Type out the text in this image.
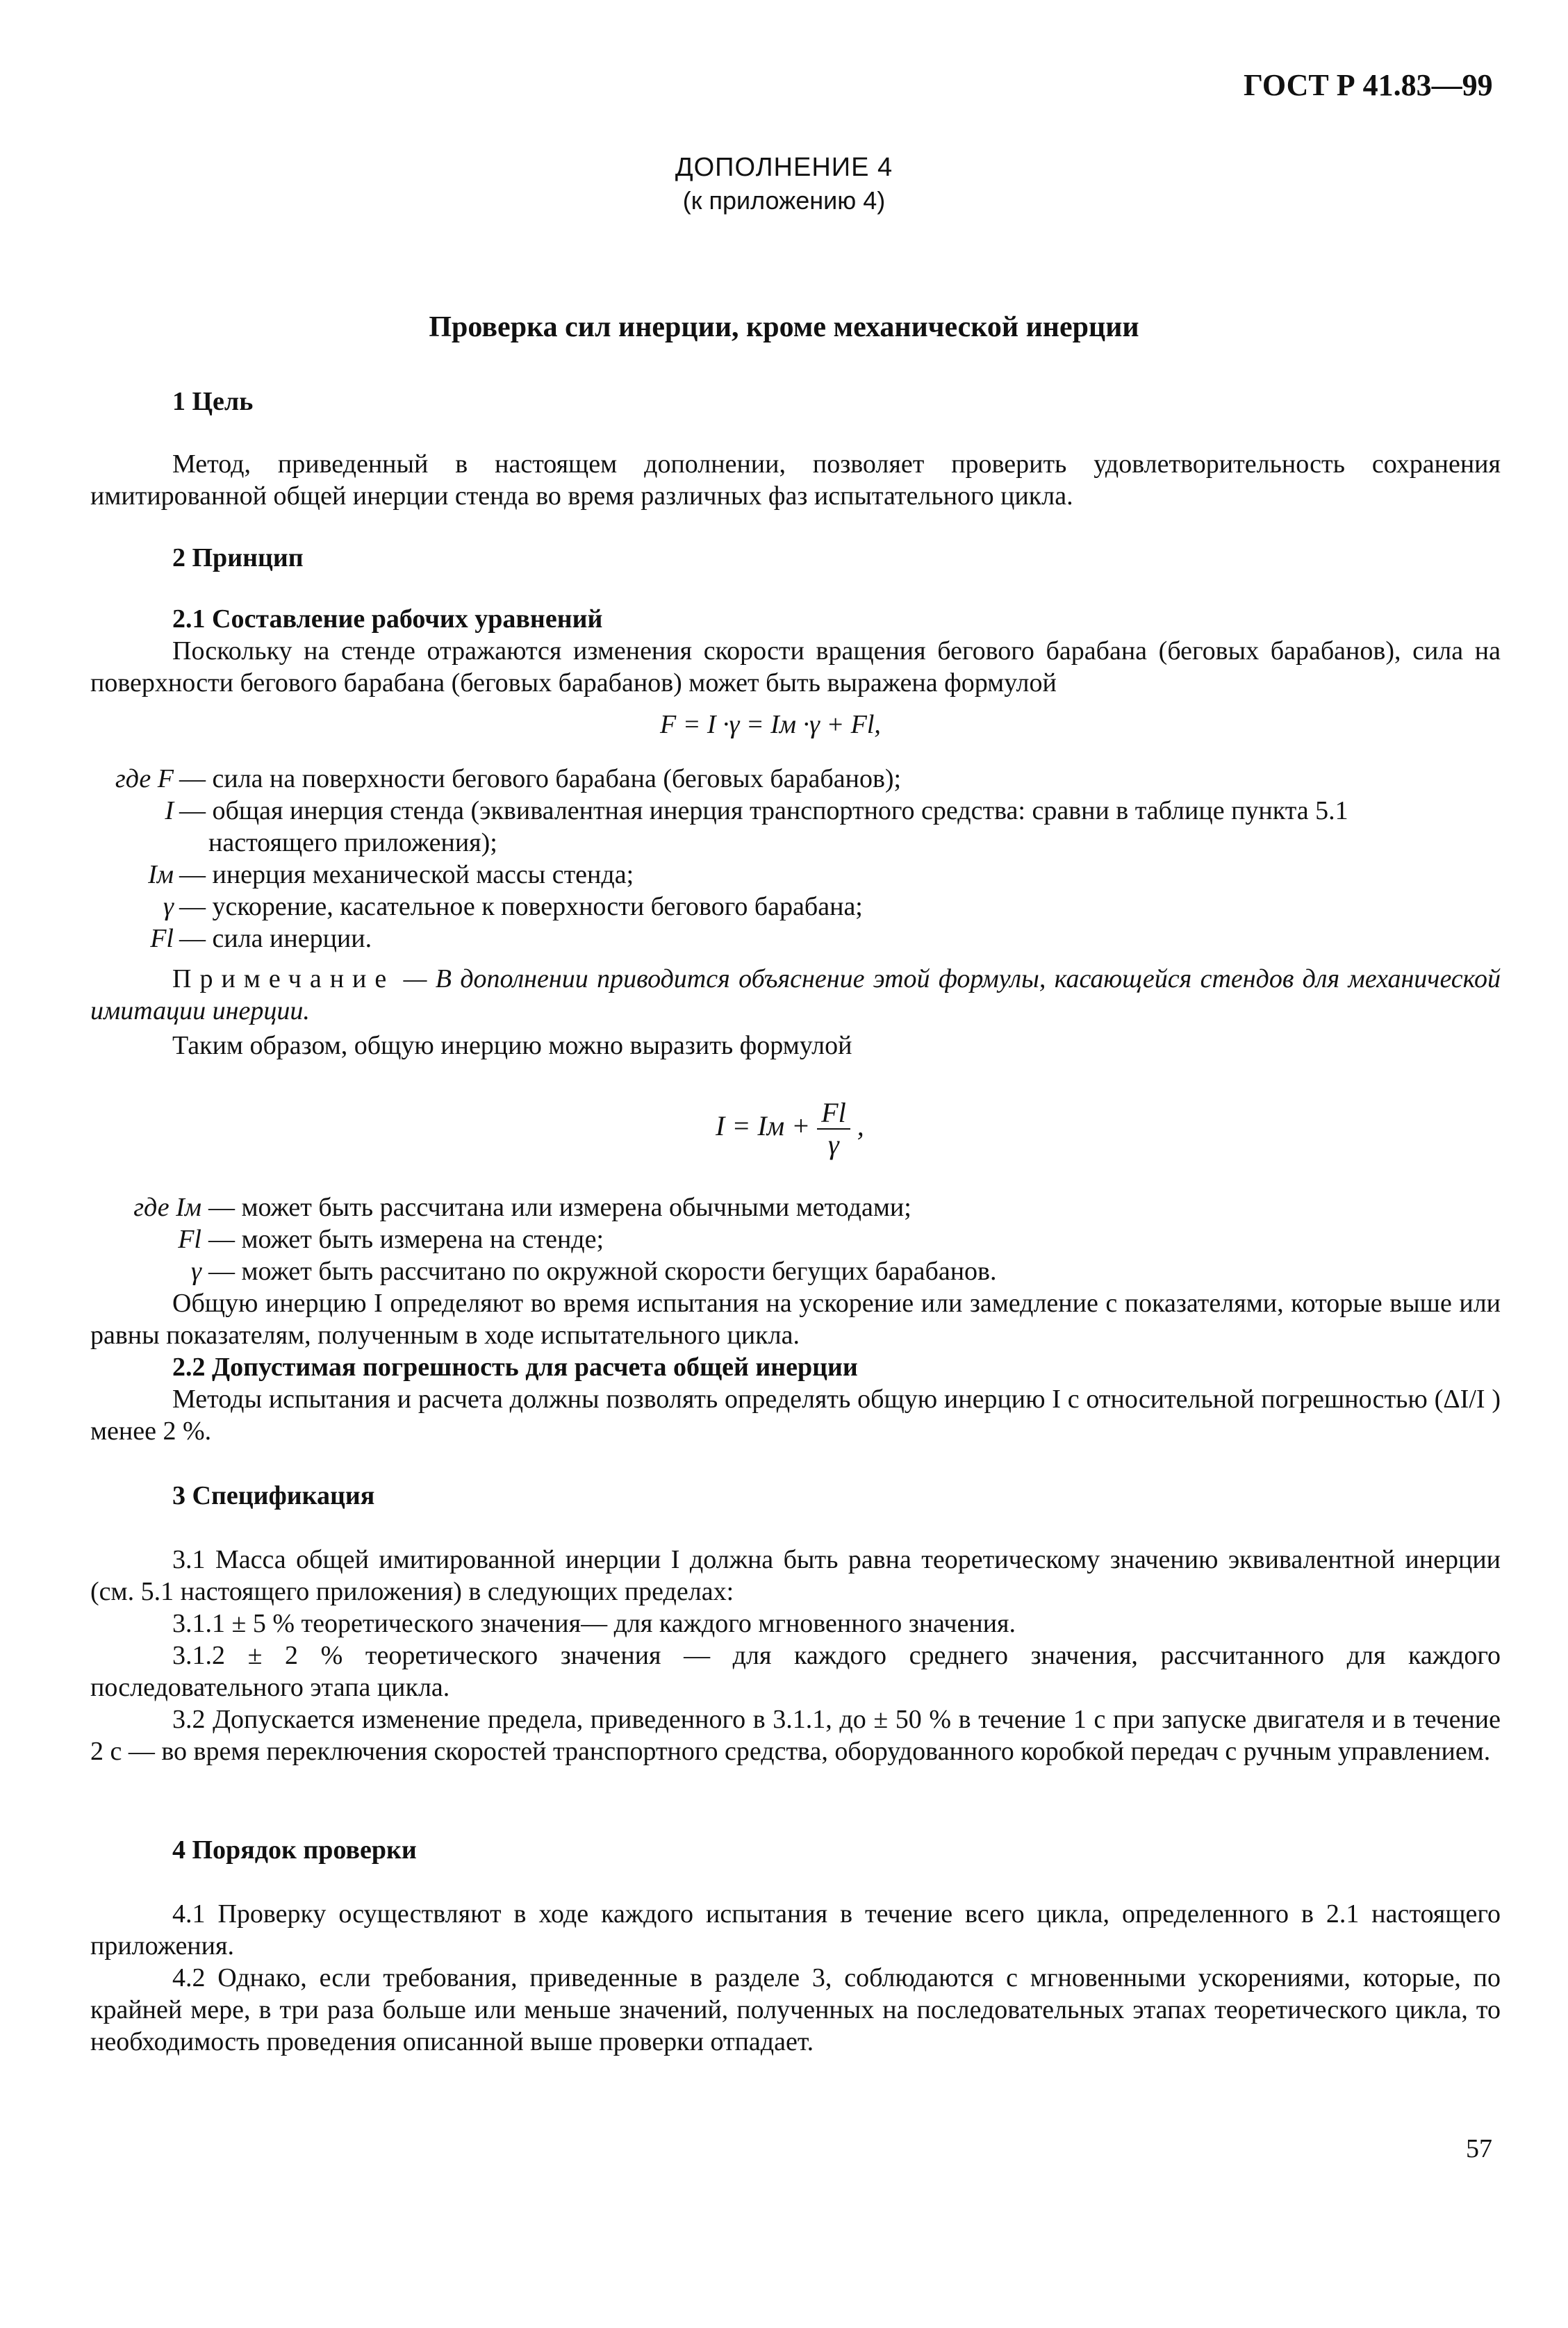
ГОСТ Р 41.83—99
ДОПОЛНЕНИЕ 4
(к приложению 4)
Проверка сил инерции, кроме механической инерции
1 Цель
Метод, приведенный в настоящем дополнении, позволяет проверить удовлетворительность сохранения имитированной общей инерции стенда во время различных фаз испытательного цикла.
2 Принцип
2.1 Составление рабочих уравнений
Поскольку на стенде отражаются изменения скорости вращения бегового барабана (беговых барабанов), сила на поверхности бегового барабана (беговых барабанов) может быть выражена формулой
F = I ·γ = Iм ·γ + Fl,
где F — сила на поверхности бегового барабана (беговых барабанов);
I — общая инерция стенда (эквивалентная инерция транспортного средства: сравни в таблице пункта 5.1
настоящего приложения);
Iм — инерция механической массы стенда;
γ — ускорение, касательное к поверхности бегового барабана;
Fl — сила инерции.
Примечание — В дополнении приводится объяснение этой формулы, касающейся стендов для механической имитации инерции.
Таким образом, общую инерцию можно выразить формулой
I = Iм + $\frac{Fl}{\gamma}$ ,
где Iм — может быть рассчитана или измерена обычными методами;
Fl — может быть измерена на стенде;
γ — может быть рассчитано по окружной скорости бегущих барабанов.
Общую инерцию I определяют во время испытания на ускорение или замедление с показателями, которые выше или равны показателям, полученным в ходе испытательного цикла.
2.2 Допустимая погрешность для расчета общей инерции
Методы испытания и расчета должны позволять определять общую инерцию I с относительной погрешностью (ΔI/I ) менее 2 %.
3 Спецификация
3.1 Масса общей имитированной инерции I должна быть равна теоретическому значению эквивалентной инерции (см. 5.1 настоящего приложения) в следующих пределах:
3.1.1 ± 5 % теоретического значения— для каждого мгновенного значения.
3.1.2 ± 2 % теоретического значения — для каждого среднего значения, рассчитанного для каждого последовательного этапа цикла.
3.2 Допускается изменение предела, приведенного в 3.1.1, до ± 50 % в течение 1 с при запуске двигателя и в течение 2 с — во время переключения скоростей транспортного средства, оборудованного коробкой передач с ручным управлением.
4 Порядок проверки
4.1 Проверку осуществляют в ходе каждого испытания в течение всего цикла, определенного в 2.1 настоящего приложения.
4.2 Однако, если требования, приведенные в разделе 3, соблюдаются с мгновенными ускорениями, которые, по крайней мере, в три раза больше или меньше значений, полученных на последовательных этапах теоретического цикла, то необходимость проведения описанной выше проверки отпадает.
57
